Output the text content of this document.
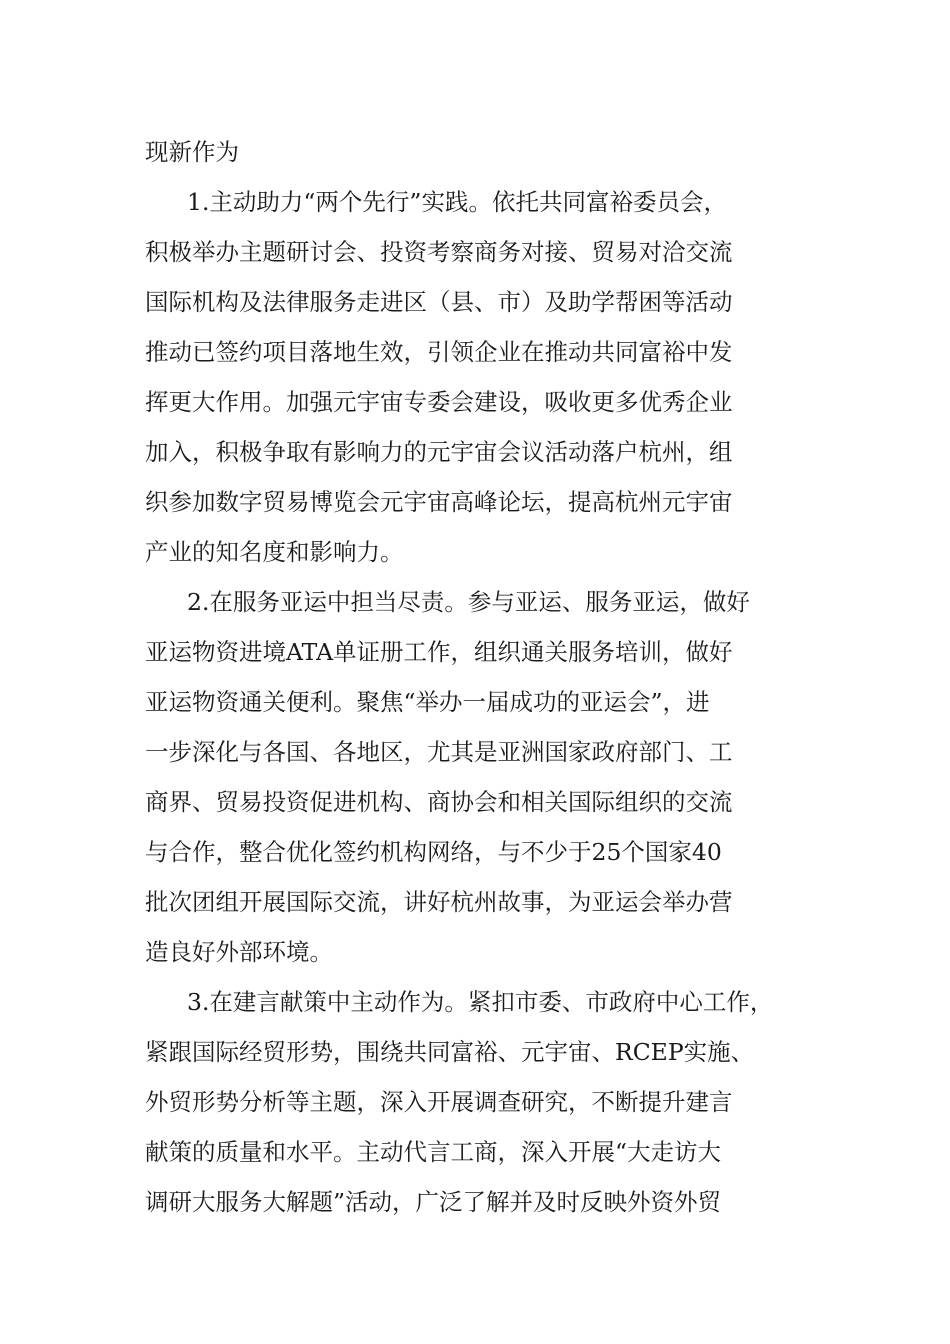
现新作为
1.主动助力“两个先行”实践。依托共同富裕委员会，
积极举办主题研讨会、投资考察商务对接、贸易对洽交流
国际机构及法律服务走进区（县、市）及助学帮困等活动
推动已签约项目落地生效，引领企业在推动共同富裕中发
挥更大作用。加强元宇宙专委会建设，吸收更多优秀企业
加入，积极争取有影响力的元宇宙会议活动落户杭州，组
织参加数字贸易博览会元宇宙高峰论坛，提高杭州元宇宙
产业的知名度和影响力。
2.在服务亚运中担当尽责。参与亚运、服务亚运，做好
亚运物资进境ATA单证册工作，组织通关服务培训，做好
亚运物资通关便利。聚焦“举办一届成功的亚运会”，进
一步深化与各国、各地区，尤其是亚洲国家政府部门、工
商界、贸易投资促进机构、商协会和相关国际组织的交流
与合作，整合优化签约机构网络，与不少于25个国家40
批次团组开展国际交流，讲好杭州故事，为亚运会举办营
造良好外部环境。
3.在建言献策中主动作为。紧扣市委、市政府中心工作，
紧跟国际经贸形势，围绕共同富裕、元宇宙、RCEP实施、
外贸形势分析等主题，深入开展调查研究，不断提升建言
献策的质量和水平。主动代言工商，深入开展“大走访大
调研大服务大解题”活动，广泛了解并及时反映外资外贸
